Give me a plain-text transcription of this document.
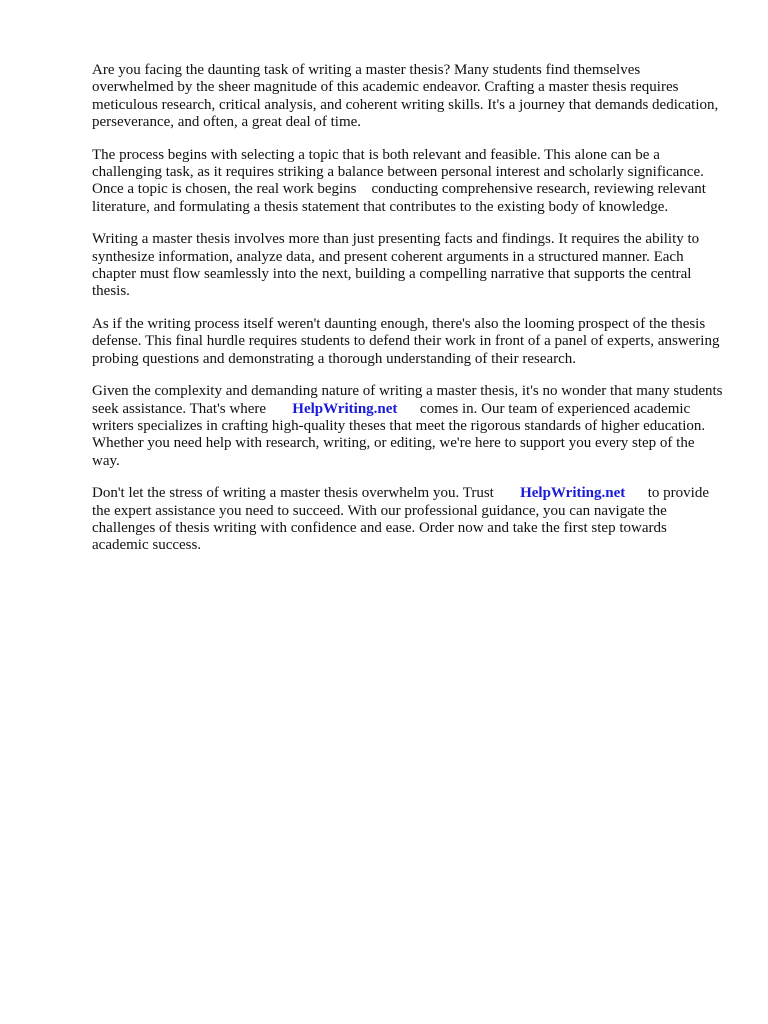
Are you facing the daunting task of writing a master thesis? Many students find themselves overwhelmed by the sheer magnitude of this academic endeavor. Crafting a master thesis requires meticulous research, critical analysis, and coherent writing skills. It's a journey that demands dedication, perseverance, and often, a great deal of time.

The process begins with selecting a topic that is both relevant and feasible. This alone can be a challenging task, as it requires striking a balance between personal interest and scholarly significance. Once a topic is chosen, the real work begins    conducting comprehensive research, reviewing relevant literature, and formulating a thesis statement that contributes to the existing body of knowledge.

Writing a master thesis involves more than just presenting facts and findings. It requires the ability to synthesize information, analyze data, and present coherent arguments in a structured manner. Each chapter must flow seamlessly into the next, building a compelling narrative that supports the central thesis.

As if the writing process itself weren't daunting enough, there's also the looming prospect of the thesis defense. This final hurdle requires students to defend their work in front of a panel of experts, answering probing questions and demonstrating a thorough understanding of their research.

Given the complexity and demanding nature of writing a master thesis, it's no wonder that many students seek assistance. That's where       HelpWriting.net      comes in. Our team of experienced academic writers specializes in crafting high-quality theses that meet the rigorous standards of higher education. Whether you need help with research, writing, or editing, we're here to support you every step of the way.

Don't let the stress of writing a master thesis overwhelm you. Trust       HelpWriting.net      to provide the expert assistance you need to succeed. With our professional guidance, you can navigate the challenges of thesis writing with confidence and ease. Order now and take the first step towards academic success.
